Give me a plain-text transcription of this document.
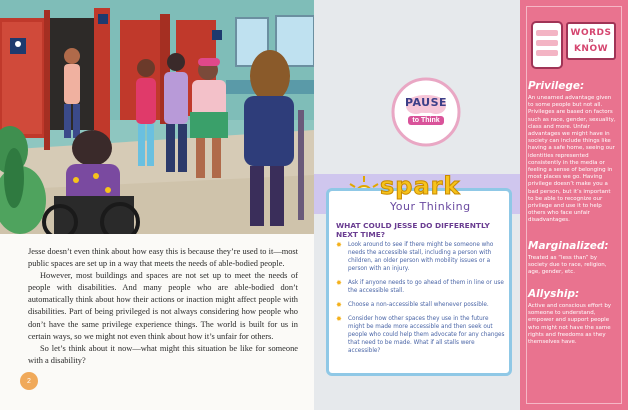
Jesse doesn’t even think about how easy this is because they’re used to it—most public spaces are set up in a way that meets the needs of able-bodied people.

However, most buildings and spaces are not set up to meet the needs of people with disabilities. And many people who are able-bodied don’t automatically think about how their actions or inaction might affect people with disabilities. Part of being privileged is not always considering how people who don’t have the same privilege experience things. The world is built for us in certain ways, so we might not even think about how it’s unfair for others.

So let’s think about it now—what might this situation be like for someone with a disability?

2
PAUSE
to Think
spark
Your Thinking
WHAT COULD JESSE DO DIFFERENTLY NEXT TIME?
✸ Look around to see if there might be someone who needs the accessible stall, including a person with children, an older person with mobility issues or a person with an injury.
✸ Ask if anyone needs to go ahead of them in line or use the accessible stall.
✸ Choose a non-accessible stall whenever possible.
✸ Consider how other spaces they use in the future might be made more accessible and then seek out people who could help them advocate for any changes that need to be made. What if all stalls were accessible?
WORDS
to
KNOW
Privilege:
An unearned advantage given to some people but not all. Privileges are based on factors such as race, gender, sexuality, class and more. Unfair advantages we might have in society can include things like having a safe home, seeing our identities represented consistently in the media or feeling a sense of belonging in most places we go. Having privilege doesn’t make you a bad person, but it’s important to be able to recognize our privilege and use it to help others who face unfair disadvantages.
Marginalized:
Treated as “less than” by society due to race, religion, age, gender, etc.
Allyship:
Active and conscious effort by someone to understand, empower and support people who might not have the same rights and freedoms as they themselves have.
